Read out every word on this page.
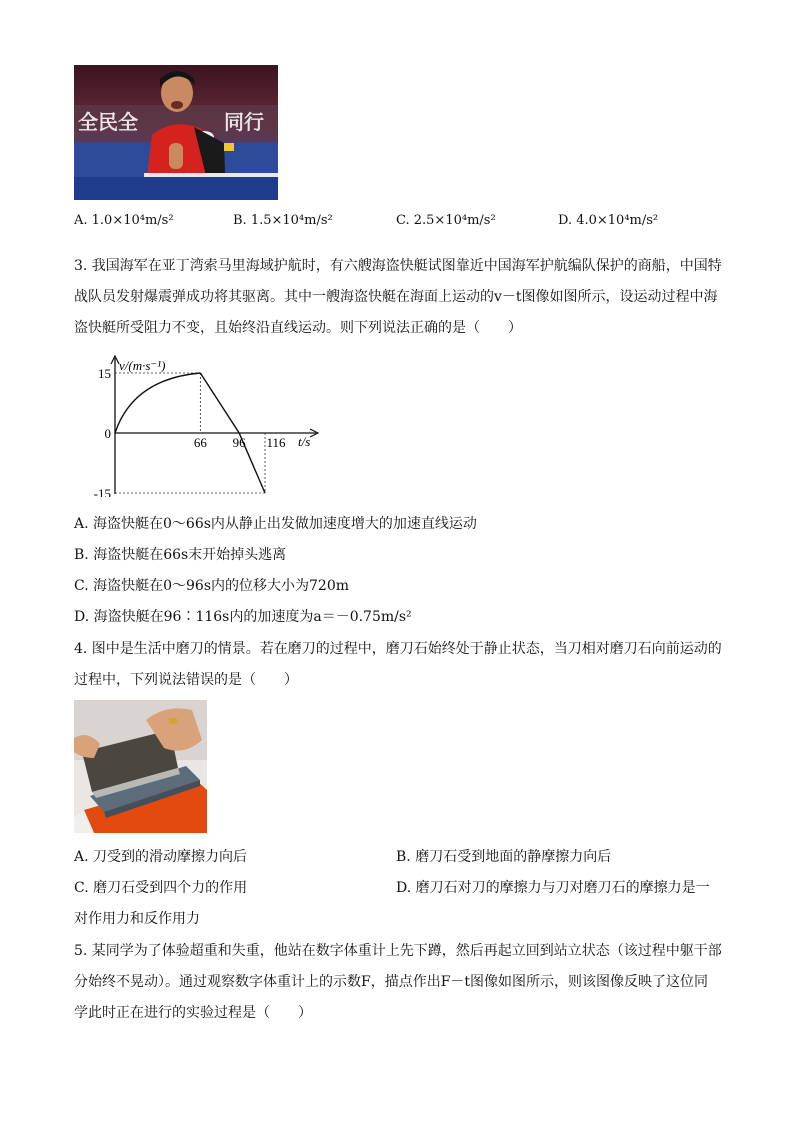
全民全	同行
A. 1.0×10⁴m/s²	B. 1.5×10⁴m/s²	C. 2.5×10⁴m/s²	D. 4.0×10⁴m/s²
3. 我国海军在亚丁湾索马里海域护航时，有六艘海盗快艇试图靠近中国海军护航编队保护的商船，中国特
战队员发射爆震弹成功将其驱离。其中一艘海盗快艇在海面上运动的v－t图像如图所示，设运动过程中海
盗快艇所受阻力不变，且始终沿直线运动。则下列说法正确的是（　　）
v/(m·s⁻¹)
t/s
15
0
-15
66 96 116
A. 海盗快艇在0～66s内从静止出发做加速度增大的加速直线运动
B. 海盗快艇在66s末开始掉头逃离
C. 海盗快艇在0～96s内的位移大小为720m
D. 海盗快艇在96∶116s内的加速度为a＝－0.75m/s²
4. 图中是生活中磨刀的情景。若在磨刀的过程中，磨刀石始终处于静止状态，当刀相对磨刀石向前运动的
过程中，下列说法错误的是（　　）
A. 刀受到的滑动摩擦力向后	B. 磨刀石受到地面的静摩擦力向后
C. 磨刀石受到四个力的作用	D. 磨刀石对刀的摩擦力与刀对磨刀石的摩擦力是一
对作用力和反作用力
5. 某同学为了体验超重和失重，他站在数字体重计上先下蹲，然后再起立回到站立状态（该过程中躯干部
分始终不晃动）。通过观察数字体重计上的示数F，描点作出F－t图像如图所示，则该图像反映了这位同
学此时正在进行的实验过程是（　　）
